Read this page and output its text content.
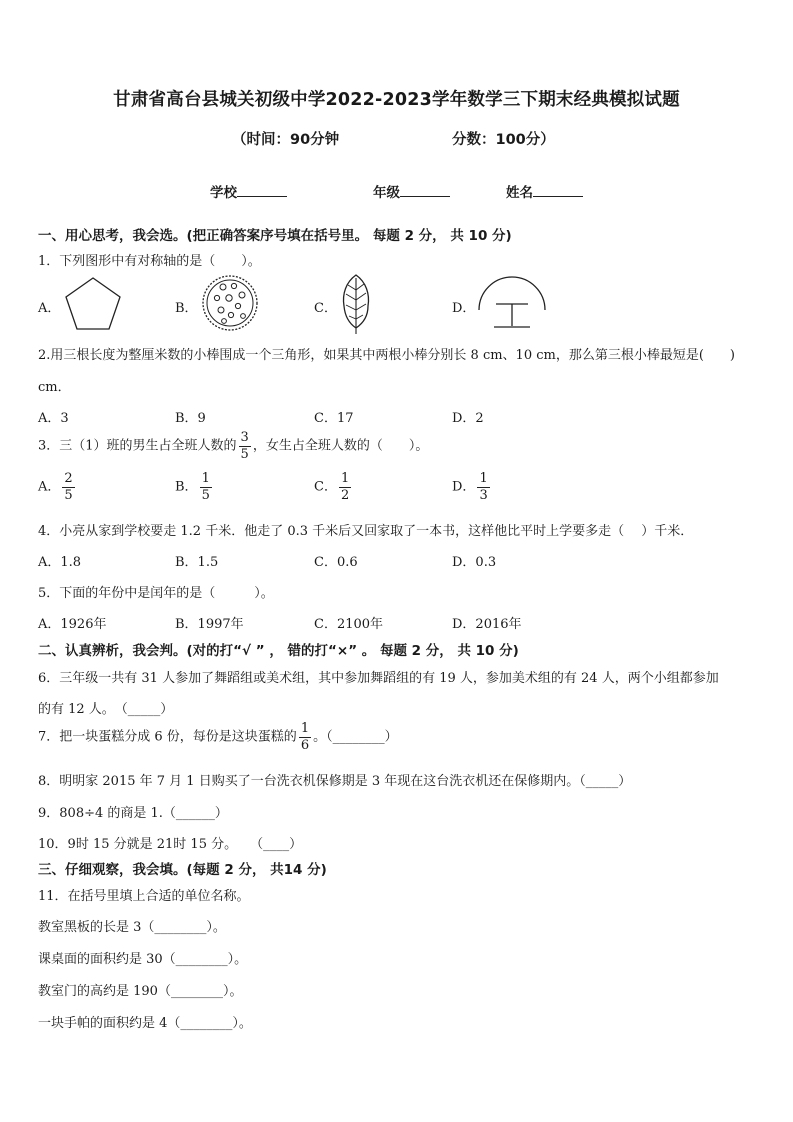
甘肃省高台县城关初级中学2022-2023学年数学三下期末经典模拟试题
（时间：90分钟	分数：100分）
学校	年级	姓名
一、用心思考，我会选。(把正确答案序号填在括号里。 每题 2 分， 共 10 分)
1．下列图形中有对称轴的是（　　）。
A．	B．	C．	D．
2.用三根长度为整厘米数的小棒围成一个三角形，如果其中两根小棒分别长 8 cm、10 cm，那么第三根小棒最短是(　　)
cm．
A．3	B．9	C．17	D．2
3．三（1）班的男生占全班人数的 $\frac{3}{5}$ ，女生占全班人数的（　　）。
A． $\frac{2}{5}$	B． $\frac{1}{5}$	C． $\frac{1}{2}$	D． $\frac{1}{3}$
4．小亮从家到学校要走 1.2 千米．他走了 0.3 千米后又回家取了一本书，这样他比平时上学要多走（　 ）千米．
A．1.8	B．1.5	C．0.6	D．0.3
5．下面的年份中是闰年的是（　　　）。
A．1926年	B．1997年	C．2100年	D．2016年
二、认真辨析，我会判。(对的打“√ ” ， 错的打“×” 。 每题 2 分， 共 10 分)
6．三年级一共有 31 人参加了舞蹈组或美术组，其中参加舞蹈组的有 19 人，参加美术组的有 24 人，两个小组都参加
的有 12 人。　（_____）
7．把一块蛋糕分成 6 份，每份是这块蛋糕的 $\frac{1}{6}$ 。（________）
8．明明家 2015 年 7 月 1 日购买了一台洗衣机保修期是 3 年现在这台洗衣机还在保修期内。（_____）
9．808÷4 的商是 1.（______）
10．9时 15 分就是 21时 15 分。　　（____）
三、仔细观察，我会填。(每题 2 分， 共14 分)
11．在括号里填上合适的单位名称。
教室黑板的长是 3（________）。
课桌面的面积约是 30（________）。
教室门的高约是 190（________）。
一块手帕的面积约是 4（________）。
